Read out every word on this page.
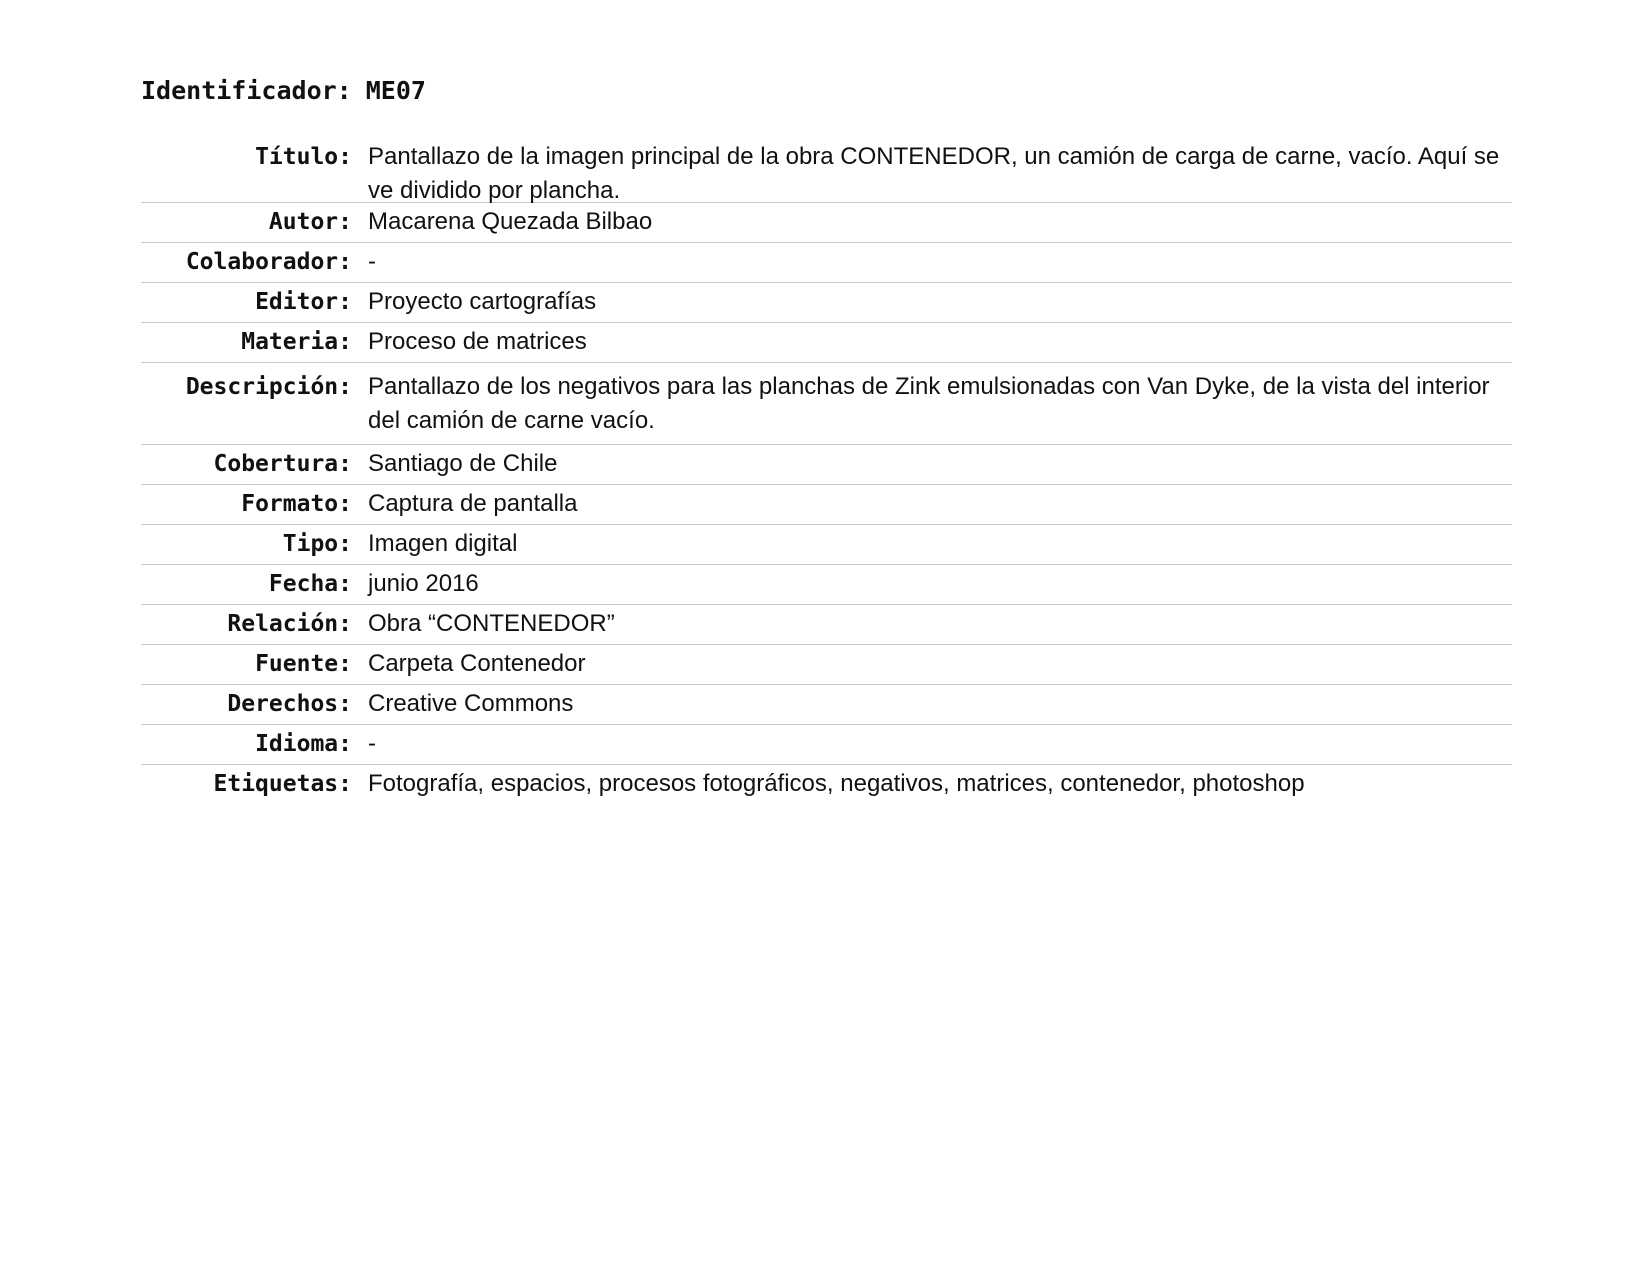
Identificador: ME07
Título: Pantallazo de la imagen principal de la obra CONTENEDOR, un camión de carga de carne, vacío. Aquí se ve dividido por plancha.
Autor: Macarena Quezada Bilbao
Colaborador: -
Editor: Proyecto cartografías
Materia: Proceso de matrices
Descripción: Pantallazo de los negativos para las planchas de Zink emulsionadas con Van Dyke, de la vista del interior del camión de carne vacío.
Cobertura: Santiago de Chile
Formato: Captura de pantalla
Tipo: Imagen digital
Fecha: junio 2016
Relación: Obra “CONTENEDOR”
Fuente: Carpeta Contenedor
Derechos: Creative Commons
Idioma: -
Etiquetas: Fotografía, espacios, procesos fotográficos, negativos, matrices, contenedor, photoshop
